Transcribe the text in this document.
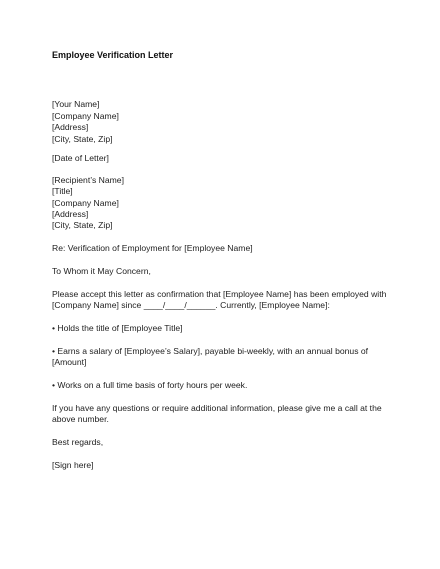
Employee Verification Letter
[Your Name]
[Company Name]
[Address]
[City, State, Zip]
[Date of Letter]
[Recipient’s Name]
[Title]
[Company Name]
[Address]
[City, State, Zip]
Re: Verification of Employment for [Employee Name]
To Whom it May Concern,
Please accept this letter as confirmation that [Employee Name] has been employed with
[Company Name] since ____/____/______. Currently, [Employee Name]:
• Holds the title of [Employee Title]
• Earns a salary of [Employee’s Salary], payable bi-weekly, with an annual bonus of
[Amount]
• Works on a full time basis of forty hours per week.
If you have any questions or require additional information, please give me a call at the
above number.
Best regards,
[Sign here]
